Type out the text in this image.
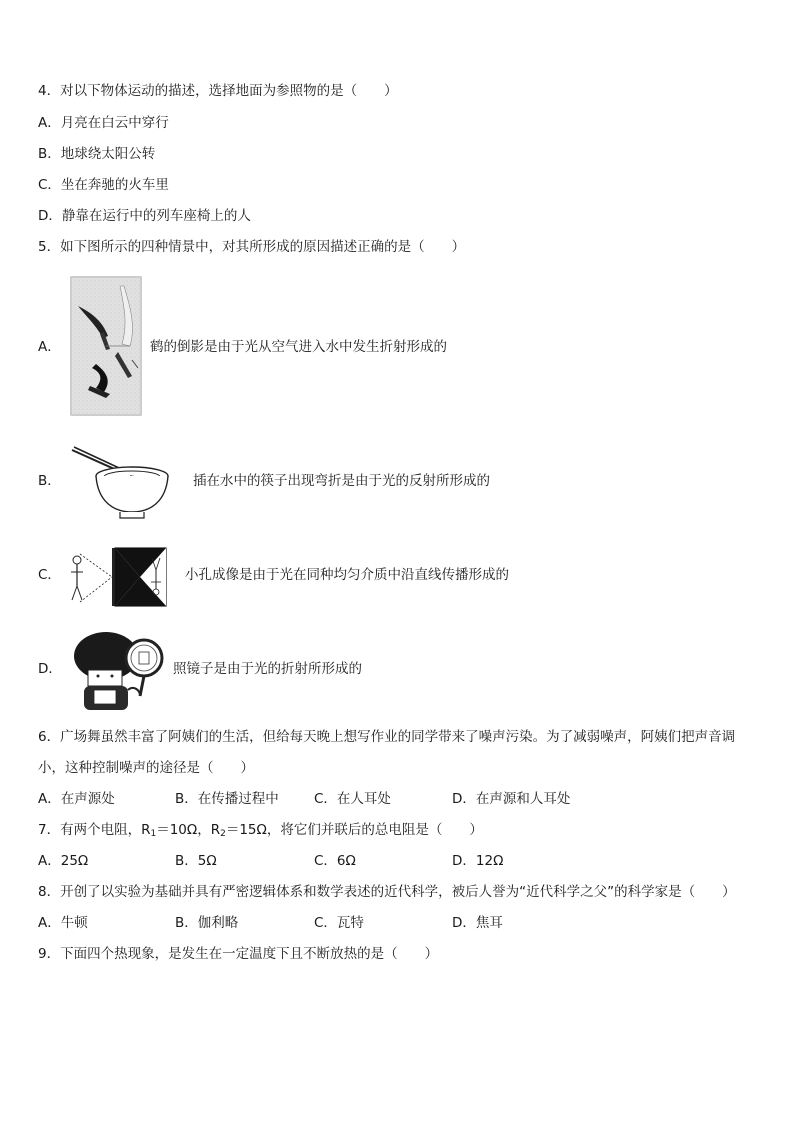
4．对以下物体运动的描述，选择地面为参照物的是（　　）
A．月亮在白云中穿行
B．地球绕太阳公转
C．坐在奔驰的火车里
D．静靠在运行中的列车座椅上的人
5．如下图所示的四种情景中，对其所形成的原因描述正确的是（　　）
A．	鹤的倒影是由于光从空气进入水中发生折射形成的
B．	插在水中的筷子出现弯折是由于光的反射所形成的
C．	小孔成像是由于光在同种均匀介质中沿直线传播形成的
D．	照镜子是由于光的折射所形成的
6．广场舞虽然丰富了阿姨们的生活，但给每天晚上想写作业的同学带来了噪声污染。为了减弱噪声，阿姨们把声音调
小，这种控制噪声的途径是（　　）
A．在声源处	B．在传播过程中	C．在人耳处	D．在声源和人耳处
7．有两个电阻，$R_1=10\Omega$，$R_2=15\Omega$，将它们并联后的总电阻是（　　）
A．25Ω	B．5Ω	C．6Ω	D．12Ω
8．开创了以实验为基础并具有严密逻辑体系和数学表述的近代科学，被后人誉为“近代科学之父”的科学家是（　　）
A．牛顿	B．伽利略	C．瓦特	D．焦耳
9．下面四个热现象，是发生在一定温度下且不断放热的是（　　）
